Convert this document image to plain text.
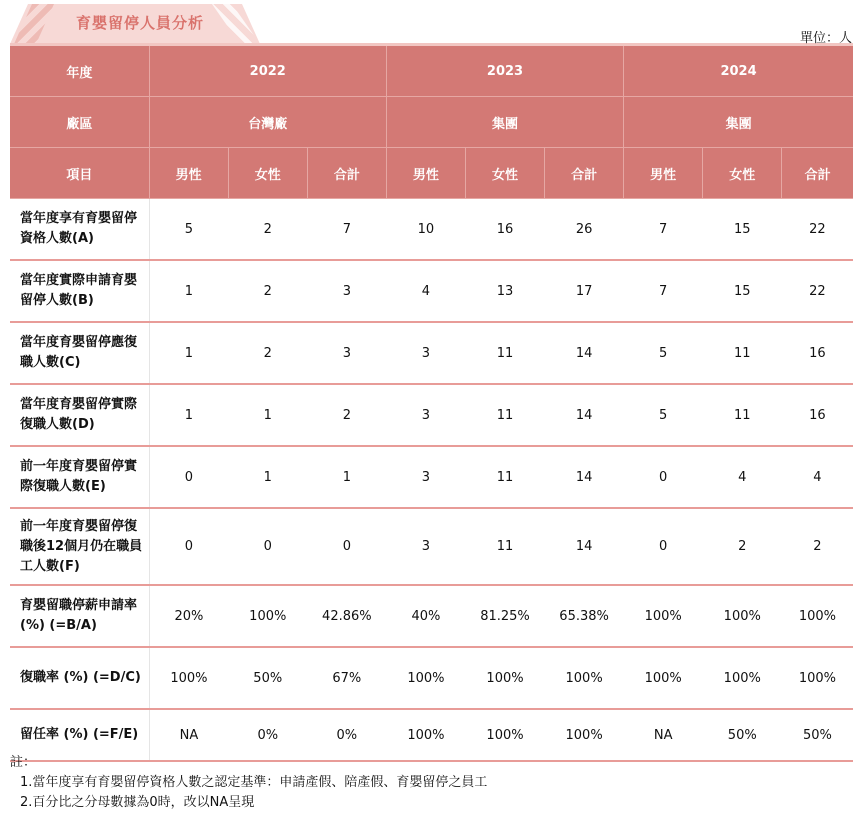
育嬰留停人員分析
單位：人
年度	2022			2023			2024		
廠區	台灣廠			集團			集團		
項目	男性	女性	合計	男性	女性	合計	男性	女性	合計
當年度享有育嬰留停資格人數(A)	5	2	7	10	16	26	7	15	22
當年度實際申請育嬰留停人數(B)	1	2	3	4	13	17	7	15	22
當年度育嬰留停應復職人數(C)	1	2	3	3	11	14	5	11	16
當年度育嬰留停實際復職人數(D)	1	1	2	3	11	14	5	11	16
前一年度育嬰留停實際復職人數(E)	0	1	1	3	11	14	0	4	4
前一年度育嬰留停復職後12個月仍在職員工人數(F)	0	0	0	3	11	14	0	2	2
育嬰留職停薪申請率 (%) (=B/A)	20%	100%	42.86%	40%	81.25%	65.38%	100%	100%	100%
復職率 (%) (=D/C)	100%	50%	67%	100%	100%	100%	100%	100%	100%
留任率 (%) (=F/E)	NA	0%	0%	100%	100%	100%	NA	50%	50%
註：
1.當年度享有育嬰留停資格人數之認定基準：申請產假、陪產假、育嬰留停之員工
2.百分比之分母數據為0時，改以NA呈現
